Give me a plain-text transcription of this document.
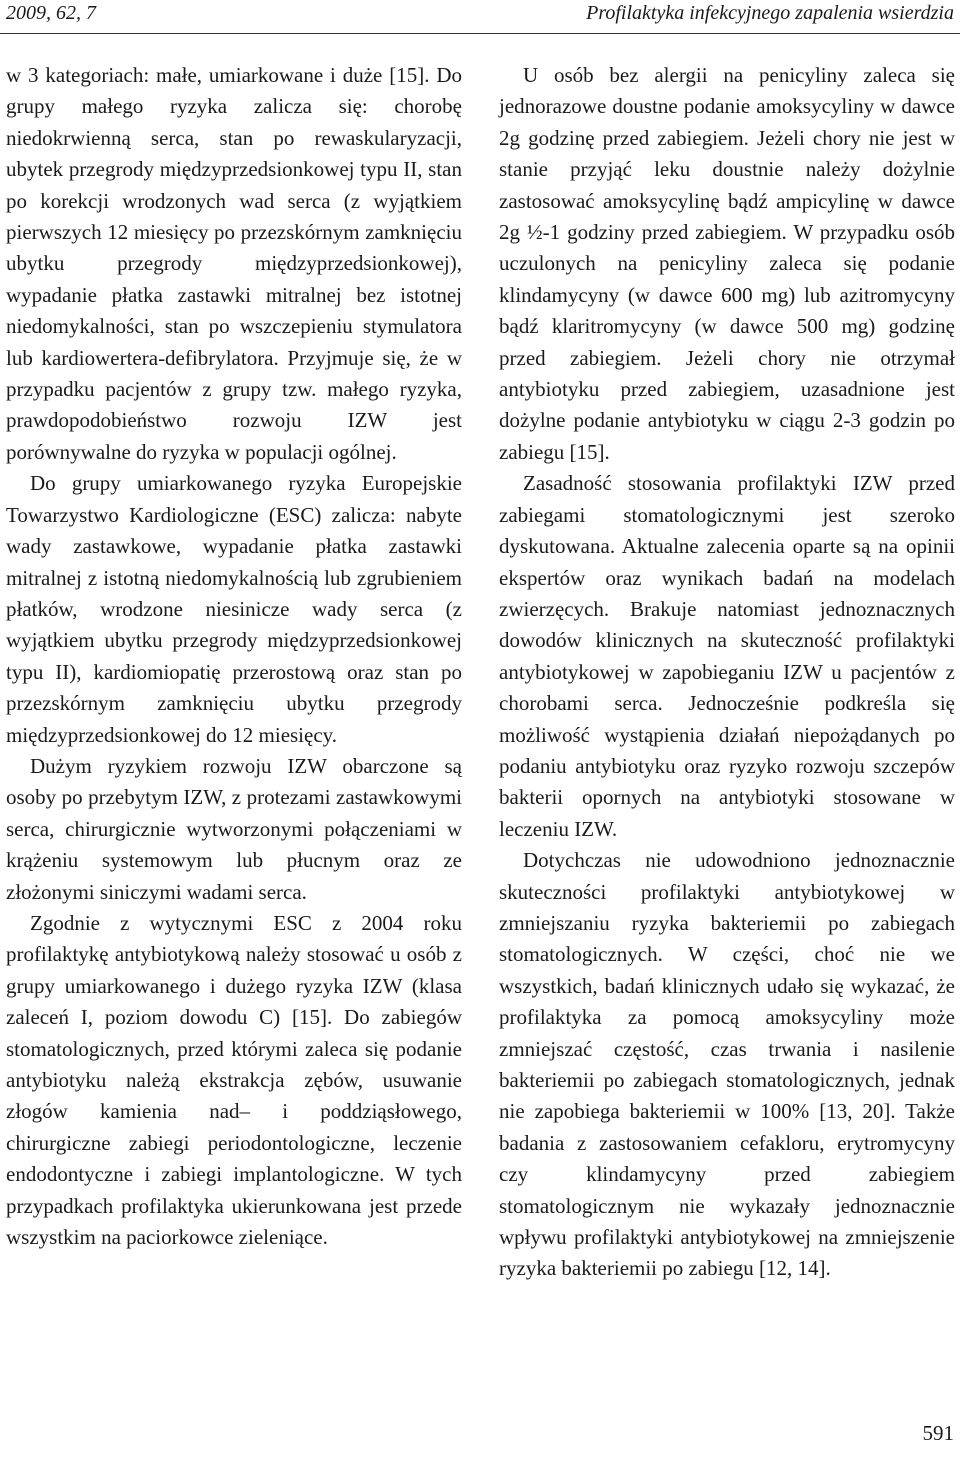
2009, 62, 7	Profilaktyka infekcyjnego zapalenia wsierdzia

w 3 kategoriach: małe, umiarkowane i duże [15]. Do grupy małego ryzyka zalicza się: chorobę niedokrwienną serca, stan po rewaskularyzacji, ubytek przegrody międzyprzedsionkowej typu II, stan po korekcji wrodzonych wad serca (z wyjątkiem pierwszych 12 miesięcy po przezskórnym zamknięciu ubytku przegrody międzyprzedsionkowej), wypadanie płatka zastawki mitralnej bez istotnej niedomykalności, stan po wszczepieniu stymulatora lub kardiowertera-defibrylatora. Przyjmuje się, że w przypadku pacjentów z grupy tzw. małego ryzyka, prawdopodobieństwo rozwoju IZW jest porównywalne do ryzyka w populacji ogólnej.

Do grupy umiarkowanego ryzyka Europejskie Towarzystwo Kardiologiczne (ESC) zalicza: nabyte wady zastawkowe, wypadanie płatka zastawki mitralnej z istotną niedomykalnością lub zgrubieniem płatków, wrodzone niesinicze wady serca (z wyjątkiem ubytku przegrody międzyprzedsionkowej typu II), kardiomiopatię przerostową oraz stan po przezskórnym zamknięciu ubytku przegrody międzyprzedsionkowej do 12 miesięcy.

Dużym ryzykiem rozwoju IZW obarczone są osoby po przebytym IZW, z protezami zastawkowymi serca, chirurgicznie wytworzonymi połączeniami w krążeniu systemowym lub płucnym oraz ze złożonymi siniczymi wadami serca.

Zgodnie z wytycznymi ESC z 2004 roku profilaktykę antybiotykową należy stosować u osób z grupy umiarkowanego i dużego ryzyka IZW (klasa zaleceń I, poziom dowodu C) [15]. Do zabiegów stomatologicznych, przed którymi zaleca się podanie antybiotyku należą ekstrakcja zębów, usuwanie złogów kamienia nad– i poddziąsłowego, chirurgiczne zabiegi periodontologiczne, leczenie endodontyczne i zabiegi implantologiczne. W tych przypadkach profilaktyka ukierunkowana jest przede wszystkim na paciorkowce zieleniące.

U osób bez alergii na penicyliny zaleca się jednorazowe doustne podanie amoksycyliny w dawce 2g godzinę przed zabiegiem. Jeżeli chory nie jest w stanie przyjąć leku doustnie należy dożylnie zastosować amoksycylinę bądź ampicylinę w dawce 2g ½-1 godziny przed zabiegiem. W przypadku osób uczulonych na penicyliny zaleca się podanie klindamycyny (w dawce 600 mg) lub azitromycyny bądź klaritromycyny (w dawce 500 mg) godzinę przed zabiegiem. Jeżeli chory nie otrzymał antybiotyku przed zabiegiem, uzasadnione jest dożylne podanie antybiotyku w ciągu 2-3 godzin po zabiegu [15].

Zasadność stosowania profilaktyki IZW przed zabiegami stomatologicznymi jest szeroko dyskutowana. Aktualne zalecenia oparte są na opinii ekspertów oraz wynikach badań na modelach zwierzęcych. Brakuje natomiast jednoznacznych dowodów klinicznych na skuteczność profilaktyki antybiotykowej w zapobieganiu IZW u pacjentów z chorobami serca. Jednocześnie podkreśla się możliwość wystąpienia działań niepożądanych po podaniu antybiotyku oraz ryzyko rozwoju szczepów bakterii opornych na antybiotyki stosowane w leczeniu IZW.

Dotychczas nie udowodniono jednoznacznie skuteczności profilaktyki antybiotykowej w zmniejszaniu ryzyka bakteriemii po zabiegach stomatologicznych. W części, choć nie we wszystkich, badań klinicznych udało się wykazać, że profilaktyka za pomocą amoksycyliny może zmniejszać częstość, czas trwania i nasilenie bakteriemii po zabiegach stomatologicznych, jednak nie zapobiega bakteriemii w 100% [13, 20]. Także badania z zastosowaniem cefakloru, erytromycyny czy klindamycyny przed zabiegiem stomatologicznym nie wykazały jednoznacznie wpływu profilaktyki antybiotykowej na zmniejszenie ryzyka bakteriemii po zabiegu [12, 14].

591
